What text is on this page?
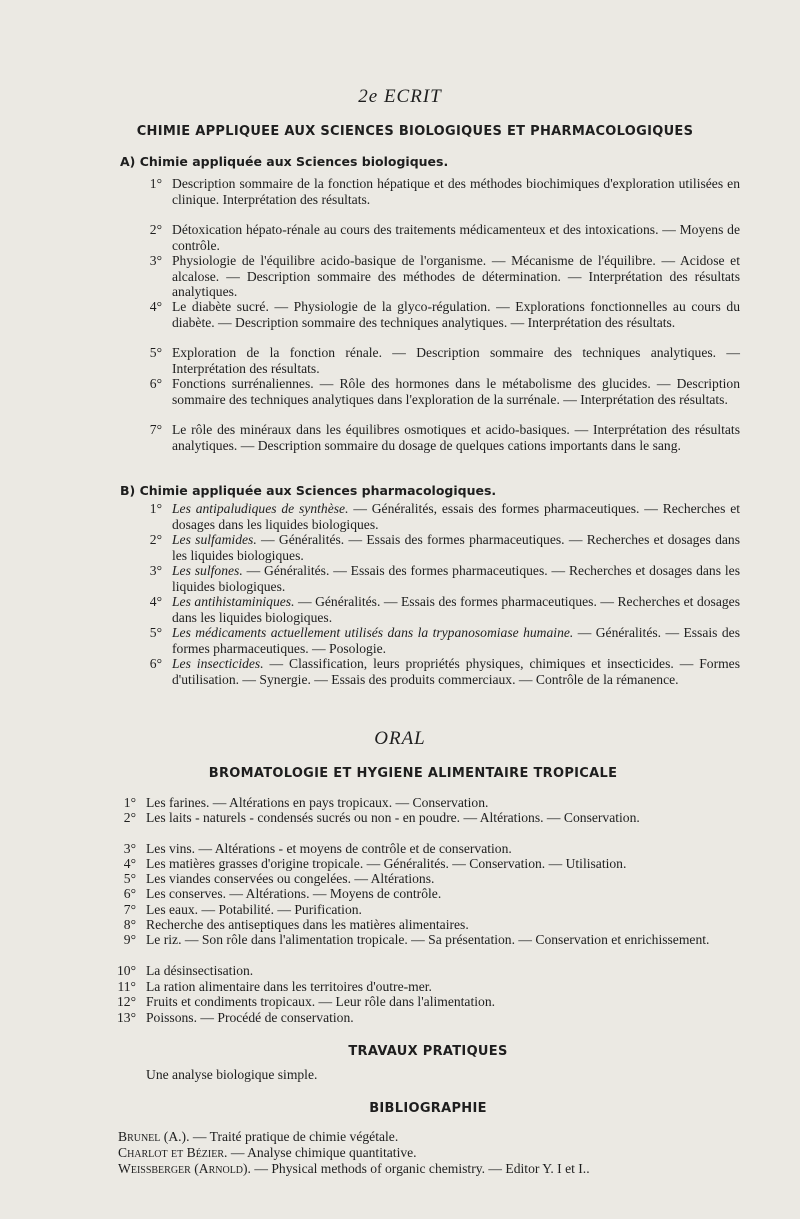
2e ECRIT
CHIMIE APPLIQUEE AUX SCIENCES BIOLOGIQUES ET PHARMACOLOGIQUES
A) Chimie appliquée aux Sciences biologiques.
1° Description sommaire de la fonction hépatique et des méthodes biochimiques d'exploration utilisées en clinique. Interprétation des résultats.
2° Détoxication hépato-rénale au cours des traitements médicamenteux et des intoxications. — Moyens de contrôle.
3° Physiologie de l'équilibre acido-basique de l'organisme. — Mécanisme de l'équilibre. — Acidose et alcalose. — Description sommaire des méthodes de détermination. — Interprétation des résultats analytiques.
4° Le diabète sucré. — Physiologie de la glyco-régulation. — Explorations fonctionnelles au cours du diabète. — Description sommaire des techniques analytiques. — Interprétation des résultats.
5° Exploration de la fonction rénale. — Description sommaire des techniques analytiques. — Interprétation des résultats.
6° Fonctions surrénaliennes. — Rôle des hormones dans le métabolisme des glucides. — Description sommaire des techniques analytiques dans l'exploration de la surrénale. — Interprétation des résultats.
7° Le rôle des minéraux dans les équilibres osmotiques et acido-basiques. — Interprétation des résultats analytiques. — Description sommaire du dosage de quelques cations importants dans le sang.
B) Chimie appliquée aux Sciences pharmacologiques.
1° Les antipaludiques de synthèse. — Généralités, essais des formes pharmaceutiques. — Recherches et dosages dans les liquides biologiques.
2° Les sulfamides. — Généralités. — Essais des formes pharmaceutiques. — Recherches et dosages dans les liquides biologiques.
3° Les sulfones. — Généralités. — Essais des formes pharmaceutiques. — Recherches et dosages dans les liquides biologiques.
4° Les antihistaminiques. — Généralités. — Essais des formes pharmaceutiques. — Recherches et dosages dans les liquides biologiques.
5° Les médicaments actuellement utilisés dans la trypanosomiase humaine. — Généralités. — Essais des formes pharmaceutiques. — Posologie.
6° Les insecticides. — Classification, leurs propriétés physiques, chimiques et insecticides. — Formes d'utilisation. — Synergie. — Essais des produits commerciaux. — Contrôle de la rémanence.
ORAL
BROMATOLOGIE ET HYGIENE ALIMENTAIRE TROPICALE
1° Les farines. — Altérations en pays tropicaux. — Conservation.
2° Les laits - naturels - condensés sucrés ou non - en poudre. — Altérations. — Conservation.
3° Les vins. — Altérations - et moyens de contrôle et de conservation.
4° Les matières grasses d'origine tropicale. — Généralités. — Conservation. — Utilisation.
5° Les viandes conservées ou congelées. — Altérations.
6° Les conserves. — Altérations. — Moyens de contrôle.
7° Les eaux. — Potabilité. — Purification.
8° Recherche des antiseptiques dans les matières alimentaires.
9° Le riz. — Son rôle dans l'alimentation tropicale. — Sa présentation. — Conservation et enrichissement.
10° La désinsectisation.
11° La ration alimentaire dans les territoires d'outre-mer.
12° Fruits et condiments tropicaux. — Leur rôle dans l'alimentation.
13° Poissons. — Procédé de conservation.
TRAVAUX PRATIQUES
Une analyse biologique simple.
BIBLIOGRAPHIE
Brunel (A.). — Traité pratique de chimie végétale.
Charlot et Bézier. — Analyse chimique quantitative.
Weissberger (Arnold). — Physical methods of organic chemistry. — Editor Y. I et I..
